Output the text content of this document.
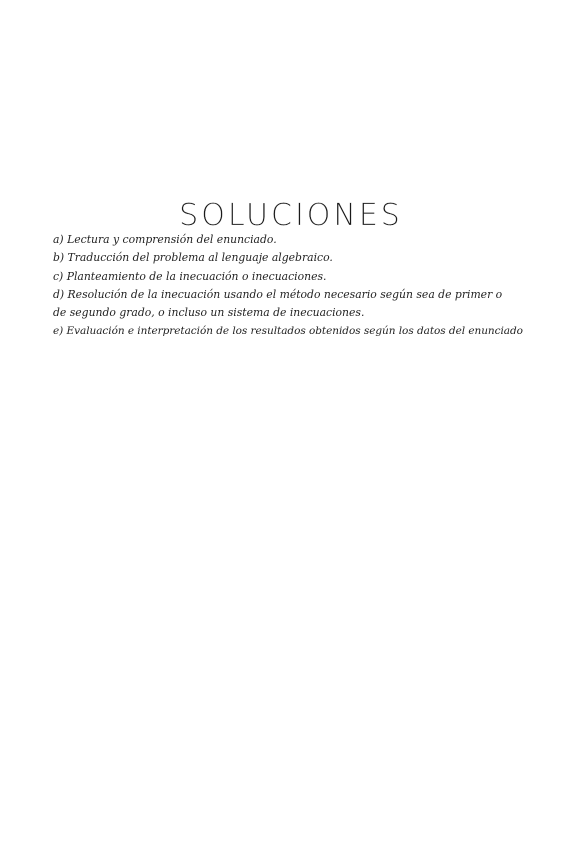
SOLUCIONES
a) Lectura y comprensión del enunciado.
b) Traducción del problema al lenguaje algebraico.
c) Planteamiento de la inecuación o inecuaciones.
d) Resolución de la inecuación usando el método necesario según sea de primer o
de segundo grado, o incluso un sistema de inecuaciones.
e) Evaluación e interpretación de los resultados obtenidos según los datos del enunciado
